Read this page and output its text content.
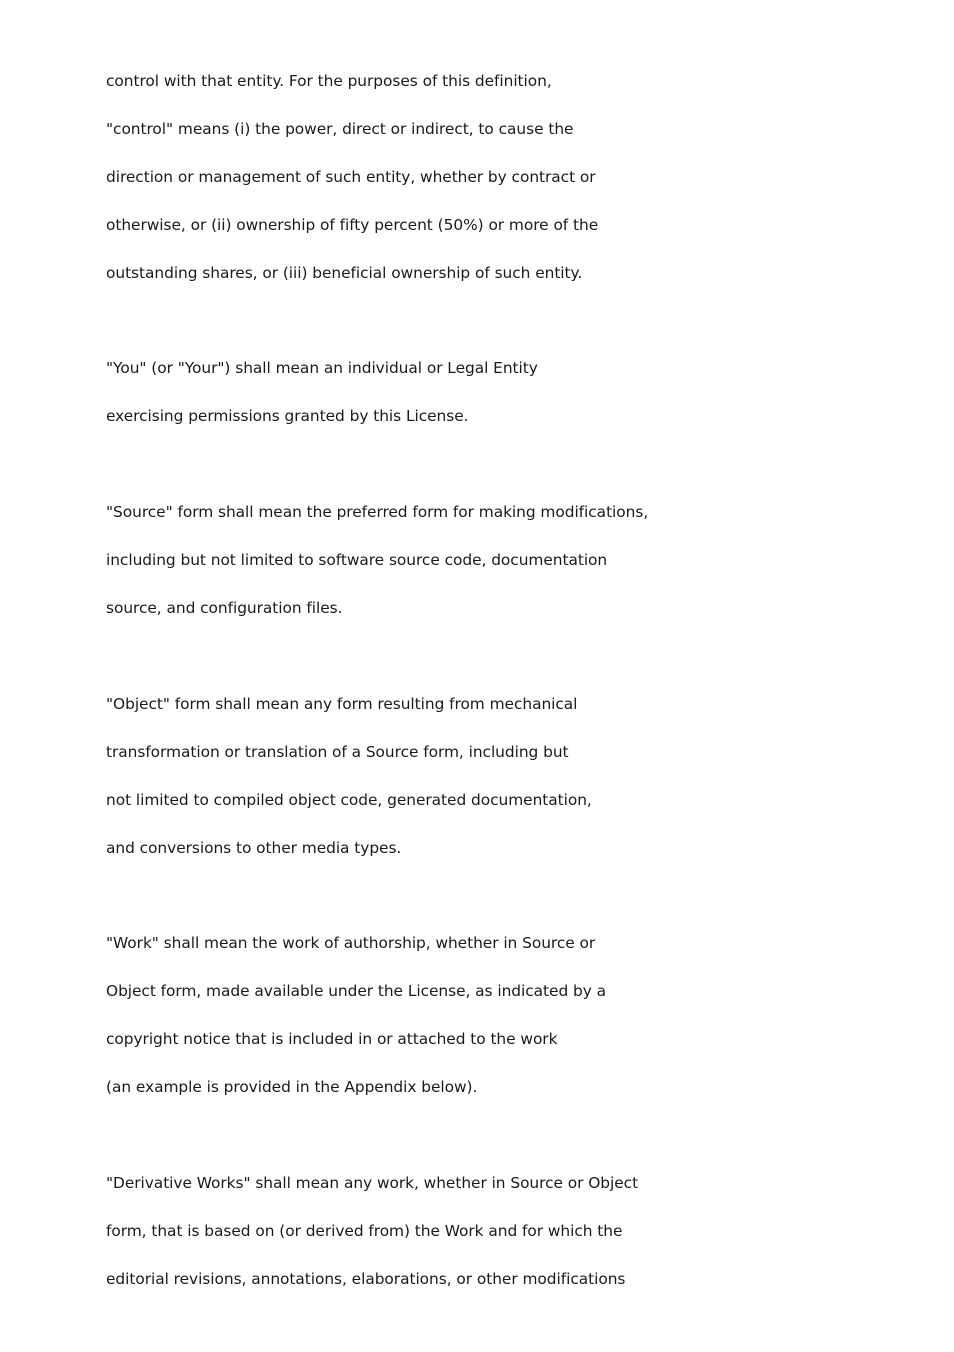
control with that entity. For the purposes of this definition,
"control" means (i) the power, direct or indirect, to cause the
direction or management of such entity, whether by contract or
otherwise, or (ii) ownership of fifty percent (50%) or more of the
outstanding shares, or (iii) beneficial ownership of such entity.
"You" (or "Your") shall mean an individual or Legal Entity
exercising permissions granted by this License.
"Source" form shall mean the preferred form for making modifications,
including but not limited to software source code, documentation
source, and configuration files.
"Object" form shall mean any form resulting from mechanical
transformation or translation of a Source form, including but
not limited to compiled object code, generated documentation,
and conversions to other media types.
"Work" shall mean the work of authorship, whether in Source or
Object form, made available under the License, as indicated by a
copyright notice that is included in or attached to the work
(an example is provided in the Appendix below).
"Derivative Works" shall mean any work, whether in Source or Object
form, that is based on (or derived from) the Work and for which the
editorial revisions, annotations, elaborations, or other modifications
